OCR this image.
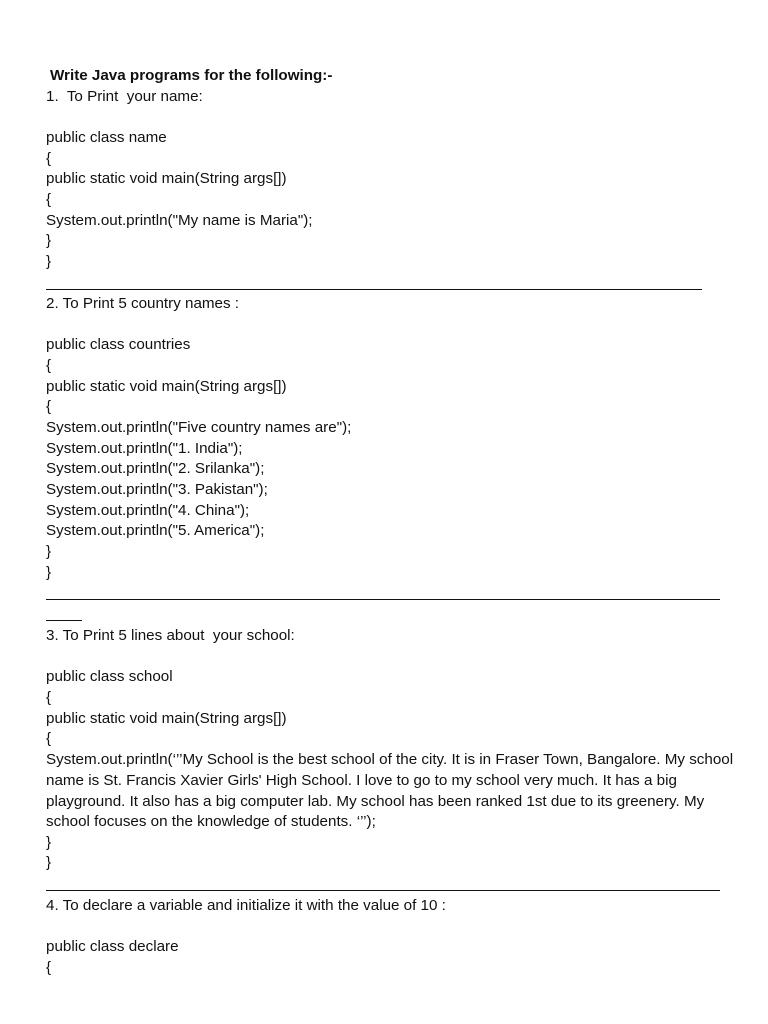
Write Java programs for the following:-
1.  To Print  your name:
public class name
{
public static void main(String args[])
{
System.out.println("My name is Maria");
}
}
2. To Print 5 country names :
public class countries
{
public static void main(String args[])
{
System.out.println("Five country names are");
System.out.println("1. India");
System.out.println("2. Srilanka");
System.out.println("3. Pakistan");
System.out.println("4. China");
System.out.println("5. America");
}
}
3. To Print 5 lines about  your school:
public class school
{
public static void main(String args[])
{
System.out.println(‘’’My School is the best school of the city. It is in Fraser Town, Bangalore. My school name is St. Francis Xavier Girls' High School. I love to go to my school very much. It has a big playground. It also has a big computer lab. My school has been ranked 1st due to its greenery. My school focuses on the knowledge of students. ‘’’);
}
}
4. To declare a variable and initialize it with the value of 10 :
public class declare
{
